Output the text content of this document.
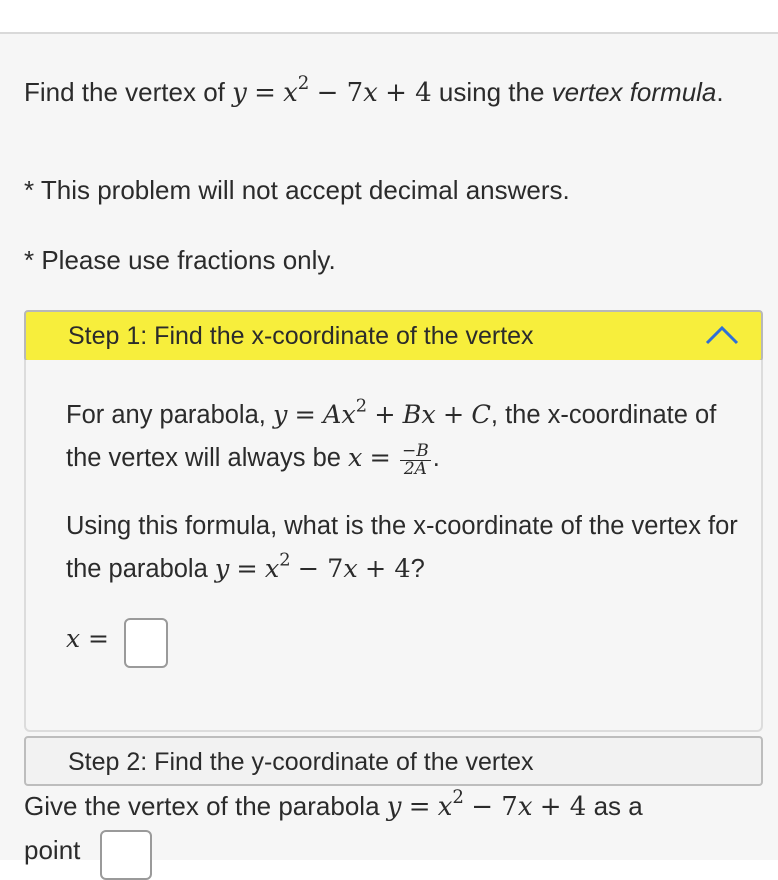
Find the vertex of $y = x^2 - 7x + 4$ using the vertex formula.

* This problem will not accept decimal answers.

* Please use fractions only.

Step 1: Find the x-coordinate of the vertex

For any parabola, $y = Ax^2 + Bx + C$, the x-coordinate of the vertex will always be $x = \frac{-B}{2A}$ .

Using this formula, what is the x-coordinate of the vertex for the parabola $y = x^2 - 7x + 4$?

x =
Step 2: Find the y-coordinate of the vertex

Give the vertex of the parabola $y = x^2 - 7x + 4$ as a

point
